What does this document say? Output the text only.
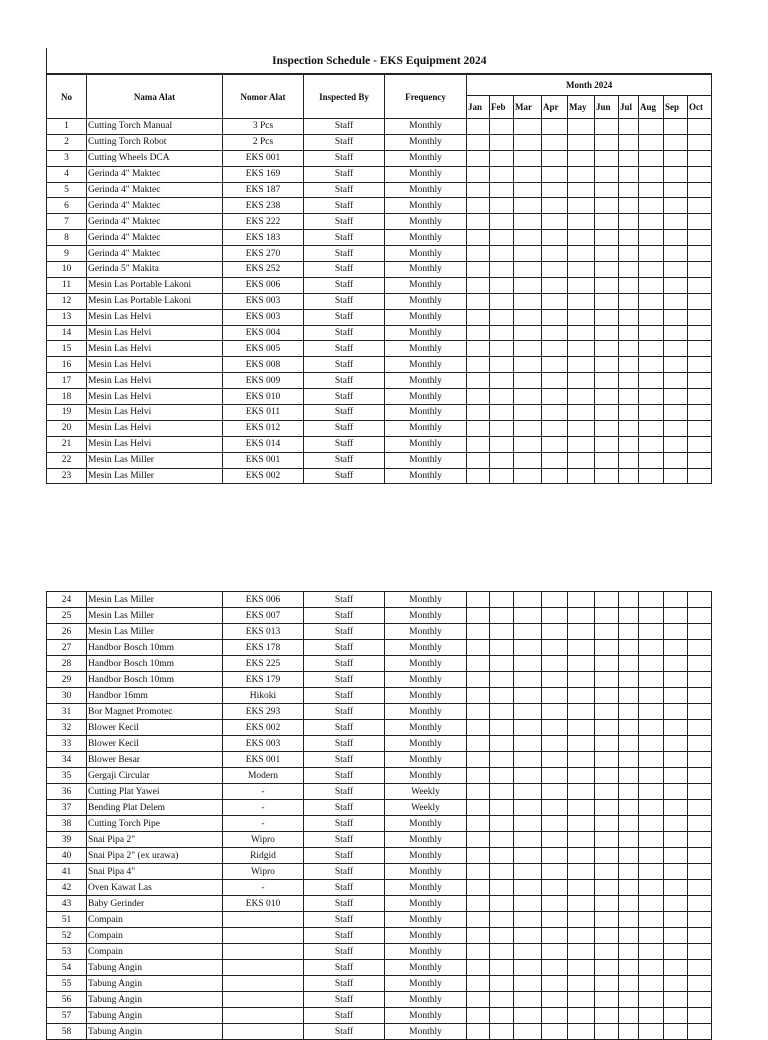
Inspection Schedule - EKS Equipment 2024														
No	Nama Alat	Nomor Alat	Inspected By	Frequency	Month 2024									
					Jan	Feb	Mar	Apr	May	Jun	Jul	Aug	Sep	Oct
1	Cutting Torch Manual	3 Pcs	Staff	Monthly										
2	Cutting Torch Robot	2 Pcs	Staff	Monthly										
3	Cutting Wheels DCA	EKS 001	Staff	Monthly										
4	Gerinda 4" Maktec	EKS 169	Staff	Monthly										
5	Gerinda 4" Maktec	EKS 187	Staff	Monthly										
6	Gerinda 4" Maktec	EKS 238	Staff	Monthly										
7	Gerinda 4" Maktec	EKS 222	Staff	Monthly										
8	Gerinda 4" Maktec	EKS 183	Staff	Monthly										
9	Gerinda 4" Maktec	EKS 270	Staff	Monthly										
10	Gerinda 5" Makita	EKS 252	Staff	Monthly										
11	Mesin Las Portable Lakoni	EKS 006	Staff	Monthly										
12	Mesin Las Portable Lakoni	EKS 003	Staff	Monthly										
13	Mesin Las Helvi	EKS 003	Staff	Monthly										
14	Mesin Las Helvi	EKS 004	Staff	Monthly										
15	Mesin Las Helvi	EKS 005	Staff	Monthly										
16	Mesin Las Helvi	EKS 008	Staff	Monthly										
17	Mesin Las Helvi	EKS 009	Staff	Monthly										
18	Mesin Las Helvi	EKS 010	Staff	Monthly										
19	Mesin Las Helvi	EKS 011	Staff	Monthly										
20	Mesin Las Helvi	EKS 012	Staff	Monthly										
21	Mesin Las Helvi	EKS 014	Staff	Monthly										
22	Mesin Las Miller	EKS 001	Staff	Monthly										
23	Mesin Las Miller	EKS 002	Staff	Monthly										
24	Mesin Las Miller	EKS 006	Staff	Monthly										
25	Mesin Las Miller	EKS 007	Staff	Monthly										
26	Mesin Las Miller	EKS 013	Staff	Monthly										
27	Handbor Bosch 10mm	EKS 178	Staff	Monthly										
28	Handbor Bosch 10mm	EKS 225	Staff	Monthly										
29	Handbor Bosch 10mm	EKS 179	Staff	Monthly										
30	Handbor 16mm	Hikoki	Staff	Monthly										
31	Bor Magnet Promotec	EKS 293	Staff	Monthly										
32	Blower Kecil	EKS 002	Staff	Monthly										
33	Blower Kecil	EKS 003	Staff	Monthly										
34	Blower Besar	EKS 001	Staff	Monthly										
35	Gergaji Circular	Modern	Staff	Monthly										
36	Cutting Plat Yawei	-	Staff	Weekly										
37	Bending Plat Delem	-	Staff	Weekly										
38	Cutting Torch Pipe	-	Staff	Monthly										
39	Snai Pipa 2"	Wipro	Staff	Monthly										
40	Snai Pipa 2" (ex urawa)	Ridgid	Staff	Monthly										
41	Snai Pipa 4"	Wipro	Staff	Monthly										
42	Oven Kawat Las	-	Staff	Monthly										
43	Baby Gerinder	EKS 010	Staff	Monthly										
51	Compain		Staff	Monthly										
52	Compain		Staff	Monthly										
53	Compain		Staff	Monthly										
54	Tabung Angin		Staff	Monthly										
55	Tabung Angin		Staff	Monthly										
56	Tabung Angin		Staff	Monthly										
57	Tabung Angin		Staff	Monthly										
58	Tabung Angin		Staff	Monthly										
